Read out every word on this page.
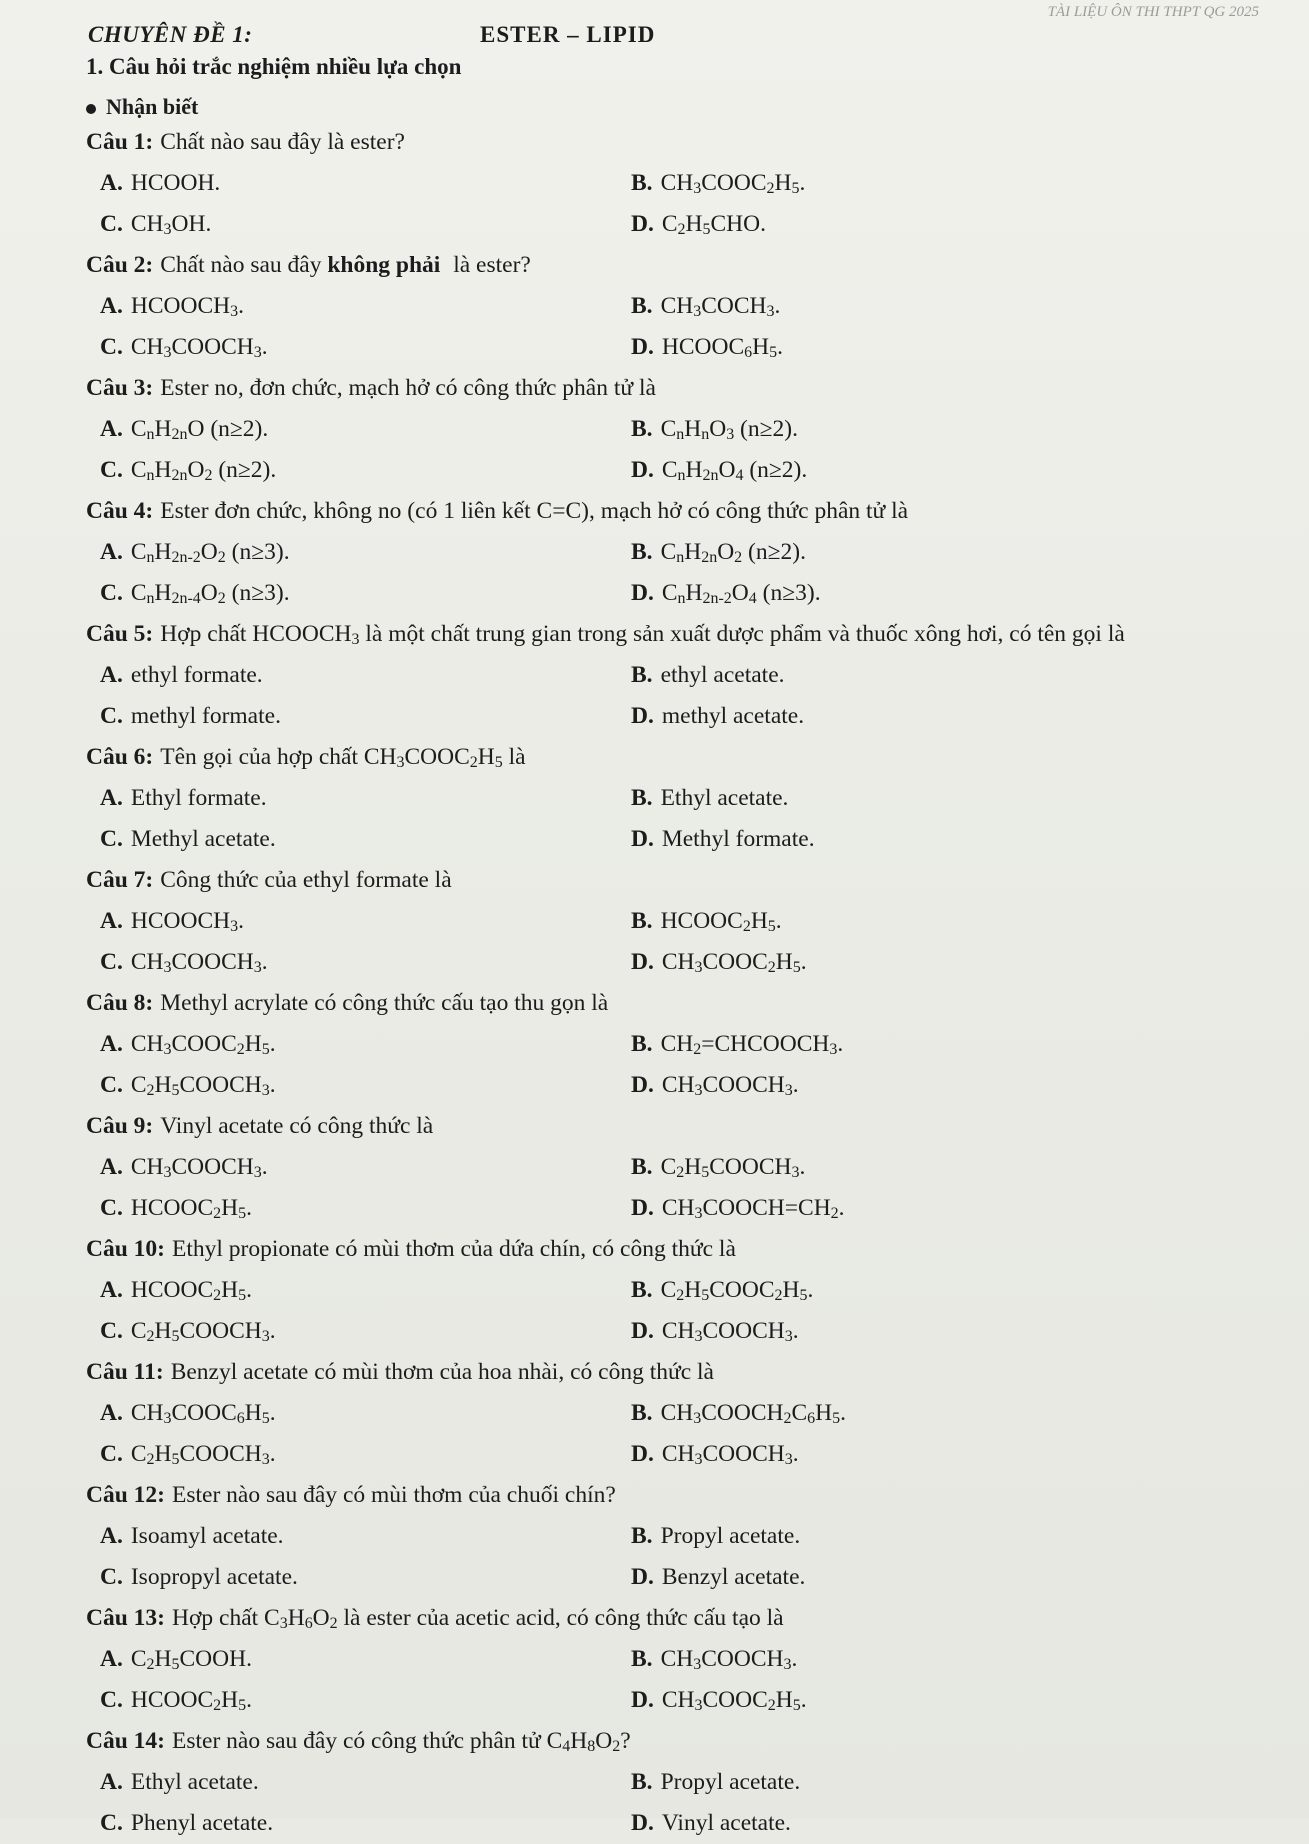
CHUYÊN ĐỀ 1:	ESTER – LIPID
TÀI LIỆU ÔN THI THPT QG 2025
1. Câu hỏi trắc nghiệm nhiều lựa chọn
Nhận biết
Câu 1: Chất nào sau đây là ester?
A. HCOOH.	B. $CH_3COOC_2H_5$.
C. $CH_3OH$.	D. $C_2H_5CHO$.
Câu 2: Chất nào sau đây không phải là ester?
A. $HCOOCH_3$.	B. $CH_3COCH_3$.
C. $CH_3COOCH_3$.	D. $HCOOC_6H_5$.
Câu 3: Ester no, đơn chức, mạch hở có công thức phân tử là
A. $C_nH_{2n}O$ (n≥2).	B. $C_nH_nO_3$ (n≥2).
C. $C_nH_{2n}O_2$ (n≥2).	D. $C_nH_{2n}O_4$ (n≥2).
Câu 4: Ester đơn chức, không no (có 1 liên kết C=C), mạch hở có công thức phân tử là
A. $C_nH_{2n-2}O_2$ (n≥3).	B. $C_nH_{2n}O_2$ (n≥2).
C. $C_nH_{2n-4}O_2$ (n≥3).	D. $C_nH_{2n-2}O_4$ (n≥3).
Câu 5: Hợp chất $HCOOCH_3$ là một chất trung gian trong sản xuất dược phẩm và thuốc xông hơi, có tên gọi là
A. ethyl formate.	B. ethyl acetate.
C. methyl formate.	D. methyl acetate.
Câu 6: Tên gọi của hợp chất $CH_3COOC_2H_5$ là
A. Ethyl formate.	B. Ethyl acetate.
C. Methyl acetate.	D. Methyl formate.
Câu 7: Công thức của ethyl formate là
A. $HCOOCH_3$.	B. $HCOOC_2H_5$.
C. $CH_3COOCH_3$.	D. $CH_3COOC_2H_5$.
Câu 8: Methyl acrylate có công thức cấu tạo thu gọn là
A. $CH_3COOC_2H_5$.	B. $CH_2=CHCOOCH_3$.
C. $C_2H_5COOCH_3$.	D. $CH_3COOCH_3$.
Câu 9: Vinyl acetate có công thức là
A. $CH_3COOCH_3$.	B. $C_2H_5COOCH_3$.
C. $HCOOC_2H_5$.	D. $CH_3COOCH=CH_2$.
Câu 10: Ethyl propionate có mùi thơm của dứa chín, có công thức là
A. $HCOOC_2H_5$.	B. $C_2H_5COOC_2H_5$.
C. $C_2H_5COOCH_3$.	D. $CH_3COOCH_3$.
Câu 11: Benzyl acetate có mùi thơm của hoa nhài, có công thức là
A. $CH_3COOC_6H_5$.	B. $CH_3COOCH_2C_6H_5$.
C. $C_2H_5COOCH_3$.	D. $CH_3COOCH_3$.
Câu 12: Ester nào sau đây có mùi thơm của chuối chín?
A. Isoamyl acetate.	B. Propyl acetate.
C. Isopropyl acetate.	D. Benzyl acetate.
Câu 13: Hợp chất $C_3H_6O_2$ là ester của acetic acid, có công thức cấu tạo là
A. $C_2H_5COOH$.	B. $CH_3COOCH_3$.
C. $HCOOC_2H_5$.	D. $CH_3COOC_2H_5$.
Câu 14: Ester nào sau đây có công thức phân tử $C_4H_8O_2$?
A. Ethyl acetate.	B. Propyl acetate.
C. Phenyl acetate.	D. Vinyl acetate.
